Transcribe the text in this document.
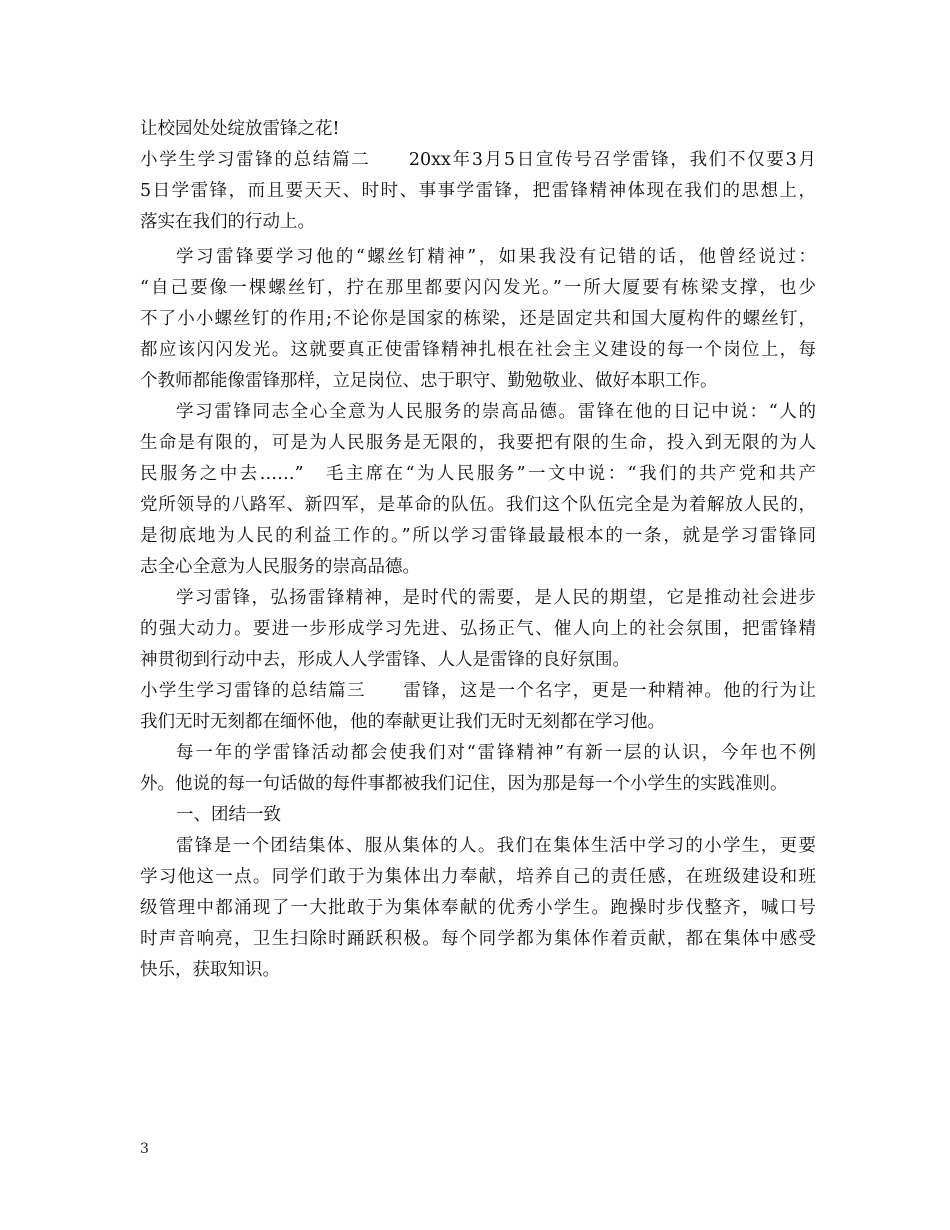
让校园处处绽放雷锋之花!
小学生学习雷锋的总结篇二　　20xx年3月5日宣传号召学雷锋，我们不仅要3月
5日学雷锋，而且要天天、时时、事事学雷锋，把雷锋精神体现在我们的思想上，
落实在我们的行动上。
学习雷锋要学习他的“螺丝钉精神”，如果我没有记错的话，他曾经说过：
“自己要像一棵螺丝钉，拧在那里都要闪闪发光。”一所大厦要有栋梁支撑，也少
不了小小螺丝钉的作用;不论你是国家的栋梁，还是固定共和国大厦构件的螺丝钉，
都应该闪闪发光。这就要真正使雷锋精神扎根在社会主义建设的每一个岗位上，每
个教师都能像雷锋那样，立足岗位、忠于职守、勤勉敬业、做好本职工作。
学习雷锋同志全心全意为人民服务的崇高品德。雷锋在他的日记中说：“人的
生命是有限的，可是为人民服务是无限的，我要把有限的生命，投入到无限的为人
民服务之中去……”　毛主席在“为人民服务”一文中说：“我们的共产党和共产
党所领导的八路军、新四军，是革命的队伍。我们这个队伍完全是为着解放人民的，
是彻底地为人民的利益工作的。”所以学习雷锋最最根本的一条，就是学习雷锋同
志全心全意为人民服务的崇高品德。
学习雷锋，弘扬雷锋精神，是时代的需要，是人民的期望，它是推动社会进步
的强大动力。要进一步形成学习先进、弘扬正气、催人向上的社会氛围，把雷锋精
神贯彻到行动中去，形成人人学雷锋、人人是雷锋的良好氛围。
小学生学习雷锋的总结篇三　　雷锋，这是一个名字，更是一种精神。他的行为让
我们无时无刻都在缅怀他，他的奉献更让我们无时无刻都在学习他。
每一年的学雷锋活动都会使我们对“雷锋精神”有新一层的认识，今年也不例
外。他说的每一句话做的每件事都被我们记住，因为那是每一个小学生的实践准则。
一、团结一致
雷锋是一个团结集体、服从集体的人。我们在集体生活中学习的小学生，更要
学习他这一点。同学们敢于为集体出力奉献，培养自己的责任感，在班级建设和班
级管理中都涌现了一大批敢于为集体奉献的优秀小学生。跑操时步伐整齐，喊口号
时声音响亮，卫生扫除时踊跃积极。每个同学都为集体作着贡献，都在集体中感受
快乐，获取知识。
3
